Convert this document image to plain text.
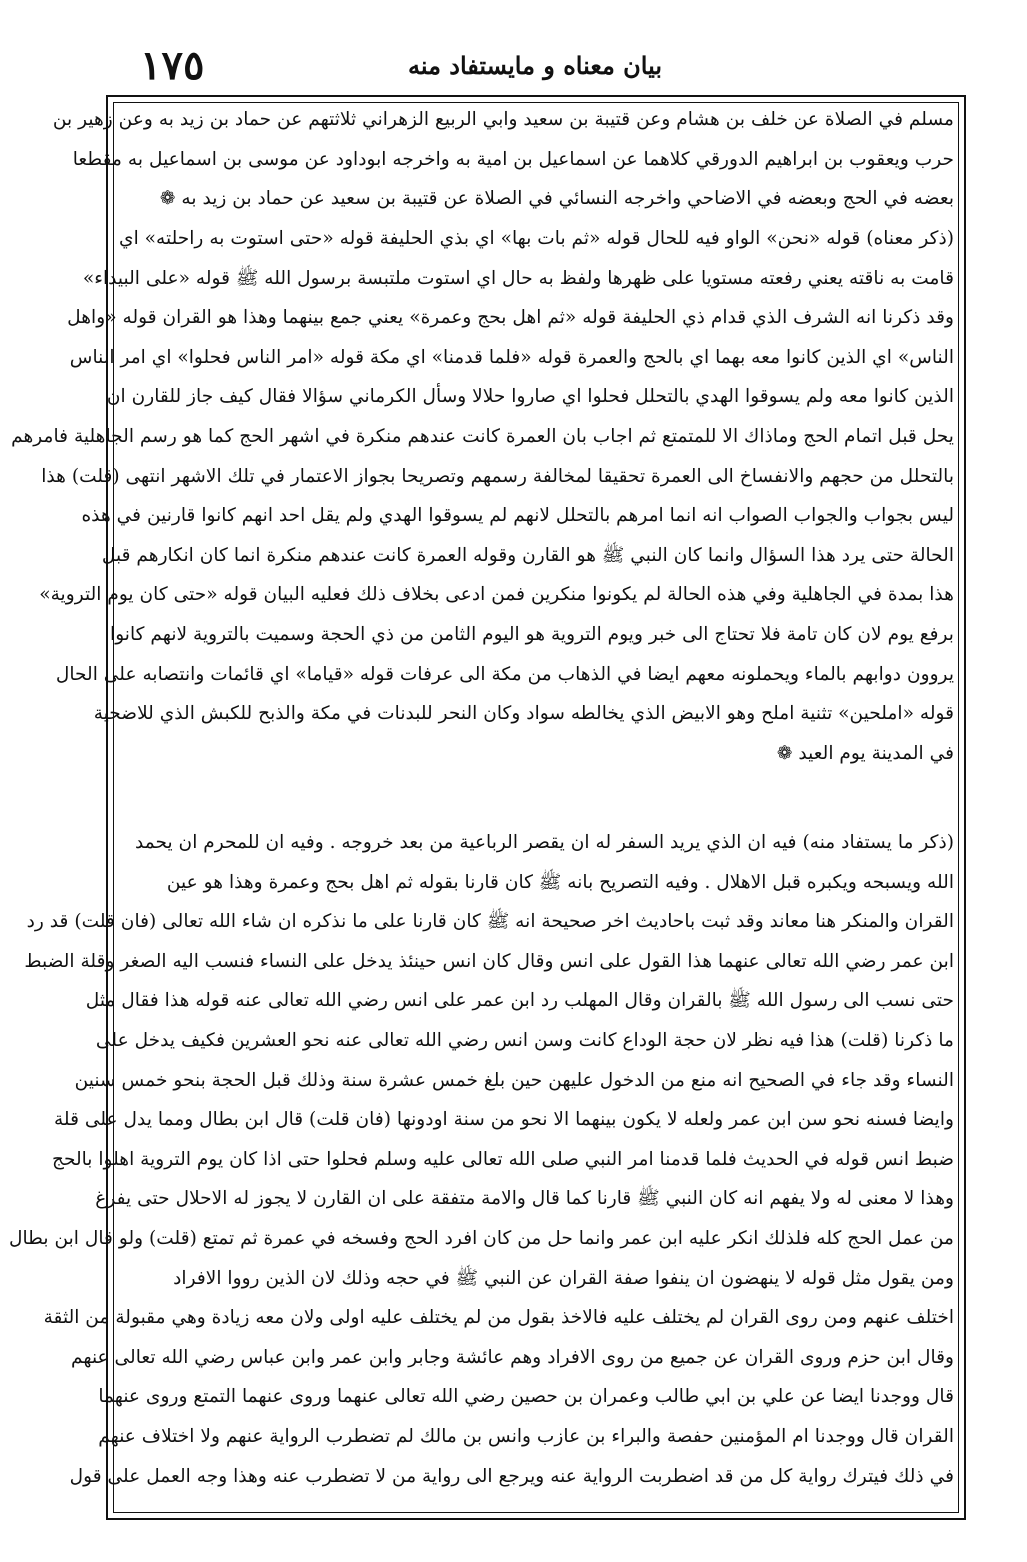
١٧٥	بيان معناه و مايستفاد منه
مسلم في الصلاة عن خلف بن هشام وعن قتيبة بن سعيد وابي الربيع الزهراني ثلاثتهم عن حماد بن زيد به وعن زهير بن
حرب ويعقوب بن ابراهيم الدورقي كلاهما عن اسماعيل بن امية به واخرجه ابوداود عن موسى بن اسماعيل به مقطعا
بعضه في الحج وبعضه في الاضاحي واخرجه النسائي في الصلاة عن قتيبة بن سعيد عن حماد بن زيد به ❁
(ذكر معناه) قوله «نحن» الواو فيه للحال قوله «ثم بات بها» اي بذي الحليفة قوله «حتى استوت به راحلته» اي
قامت به ناقته يعني رفعته مستويا على ظهرها ولفظ به حال اي استوت ملتبسة برسول الله ﷺ قوله «على البيداء»
وقد ذكرنا انه الشرف الذي قدام ذي الحليفة قوله «ثم اهل بحج وعمرة» يعني جمع بينهما وهذا هو القران قوله «واهل
الناس» اي الذين كانوا معه بهما اي بالحج والعمرة قوله «فلما قدمنا» اي مكة قوله «امر الناس فحلوا» اي امر الناس
الذين كانوا معه ولم يسوقوا الهدي بالتحلل فحلوا اي صاروا حلالا وسأل الكرماني سؤالا فقال كيف جاز للقارن ان
يحل قبل اتمام الحج وماذاك الا للمتمتع ثم اجاب بان العمرة كانت عندهم منكرة في اشهر الحج كما هو رسم الجاهلية فامرهم
بالتحلل من حجهم والانفساخ الى العمرة تحقيقا لمخالفة رسمهم وتصريحا بجواز الاعتمار في تلك الاشهر انتهى (قلت) هذا
ليس بجواب والجواب الصواب انه انما امرهم بالتحلل لانهم لم يسوقوا الهدي ولم يقل احد انهم كانوا قارنين في هذه
الحالة حتى يرد هذا السؤال وانما كان النبي ﷺ هو القارن وقوله العمرة كانت عندهم منكرة انما كان انكارهم قبل
هذا بمدة في الجاهلية وفي هذه الحالة لم يكونوا منكرين فمن ادعى بخلاف ذلك فعليه البيان قوله «حتى كان يوم التروية»
برفع يوم لان كان تامة فلا تحتاج الى خبر ويوم التروية هو اليوم الثامن من ذي الحجة وسميت بالتروية لانهم كانوا
يروون دوابهم بالماء ويحملونه معهم ايضا في الذهاب من مكة الى عرفات قوله «قياما» اي قائمات وانتصابه على الحال
قوله «املحين» تثنية املح وهو الابيض الذي يخالطه سواد وكان النحر للبدنات في مكة والذبح للكبش الذي للاضحية
في المدينة يوم العيد ❁
(ذكر ما يستفاد منه) فيه ان الذي يريد السفر له ان يقصر الرباعية من بعد خروجه . وفيه ان للمحرم ان يحمد
الله ويسبحه ويكبره قبل الاهلال . وفيه التصريح بانه ﷺ كان قارنا بقوله ثم اهل بحج وعمرة وهذا هو عين
القران والمنكر هنا معاند وقد ثبت باحاديث اخر صحيحة انه ﷺ كان قارنا على ما نذكره ان شاء الله تعالى (فان قلت) قد رد
ابن عمر رضي الله تعالى عنهما هذا القول على انس وقال كان انس حينئذ يدخل على النساء فنسب اليه الصغر وقلة الضبط
حتى نسب الى رسول الله ﷺ بالقران وقال المهلب رد ابن عمر على انس رضي الله تعالى عنه قوله هذا فقال مثل
ما ذكرنا (قلت) هذا فيه نظر لان حجة الوداع كانت وسن انس رضي الله تعالى عنه نحو العشرين فكيف يدخل على
النساء وقد جاء في الصحيح انه منع من الدخول عليهن حين بلغ خمس عشرة سنة وذلك قبل الحجة بنحو خمس سنين
وايضا فسنه نحو سن ابن عمر ولعله لا يكون بينهما الا نحو من سنة اودونها (فان قلت) قال ابن بطال ومما يدل على قلة
ضبط انس قوله في الحديث فلما قدمنا امر النبي صلى الله تعالى عليه وسلم فحلوا حتى اذا كان يوم التروية اهلوا بالحج
وهذا لا معنى له ولا يفهم انه كان النبي ﷺ قارنا كما قال والامة متفقة على ان القارن لا يجوز له الاحلال حتى يفرغ
من عمل الحج كله فلذلك انكر عليه ابن عمر وانما حل من كان افرد الحج وفسخه في عمرة ثم تمتع (قلت) ولو قال ابن بطال
ومن يقول مثل قوله لا ينهضون ان ينفوا صفة القران عن النبي ﷺ في حجه وذلك لان الذين رووا الافراد
اختلف عنهم ومن روى القران لم يختلف عليه فالاخذ بقول من لم يختلف عليه اولى ولان معه زيادة وهي مقبولة من الثقة
وقال ابن حزم وروى القران عن جميع من روى الافراد وهم عائشة وجابر وابن عمر وابن عباس رضي الله تعالى عنهم
قال ووجدنا ايضا عن علي بن ابي طالب وعمران بن حصين رضي الله تعالى عنهما وروى عنهما التمتع وروى عنهما
القران قال ووجدنا ام المؤمنين حفصة والبراء بن عازب وانس بن مالك لم تضطرب الرواية عنهم ولا اختلاف عنهم
في ذلك فيترك رواية كل من قد اضطربت الرواية عنه ويرجع الى رواية من لا تضطرب عنه وهذا وجه العمل على قول
